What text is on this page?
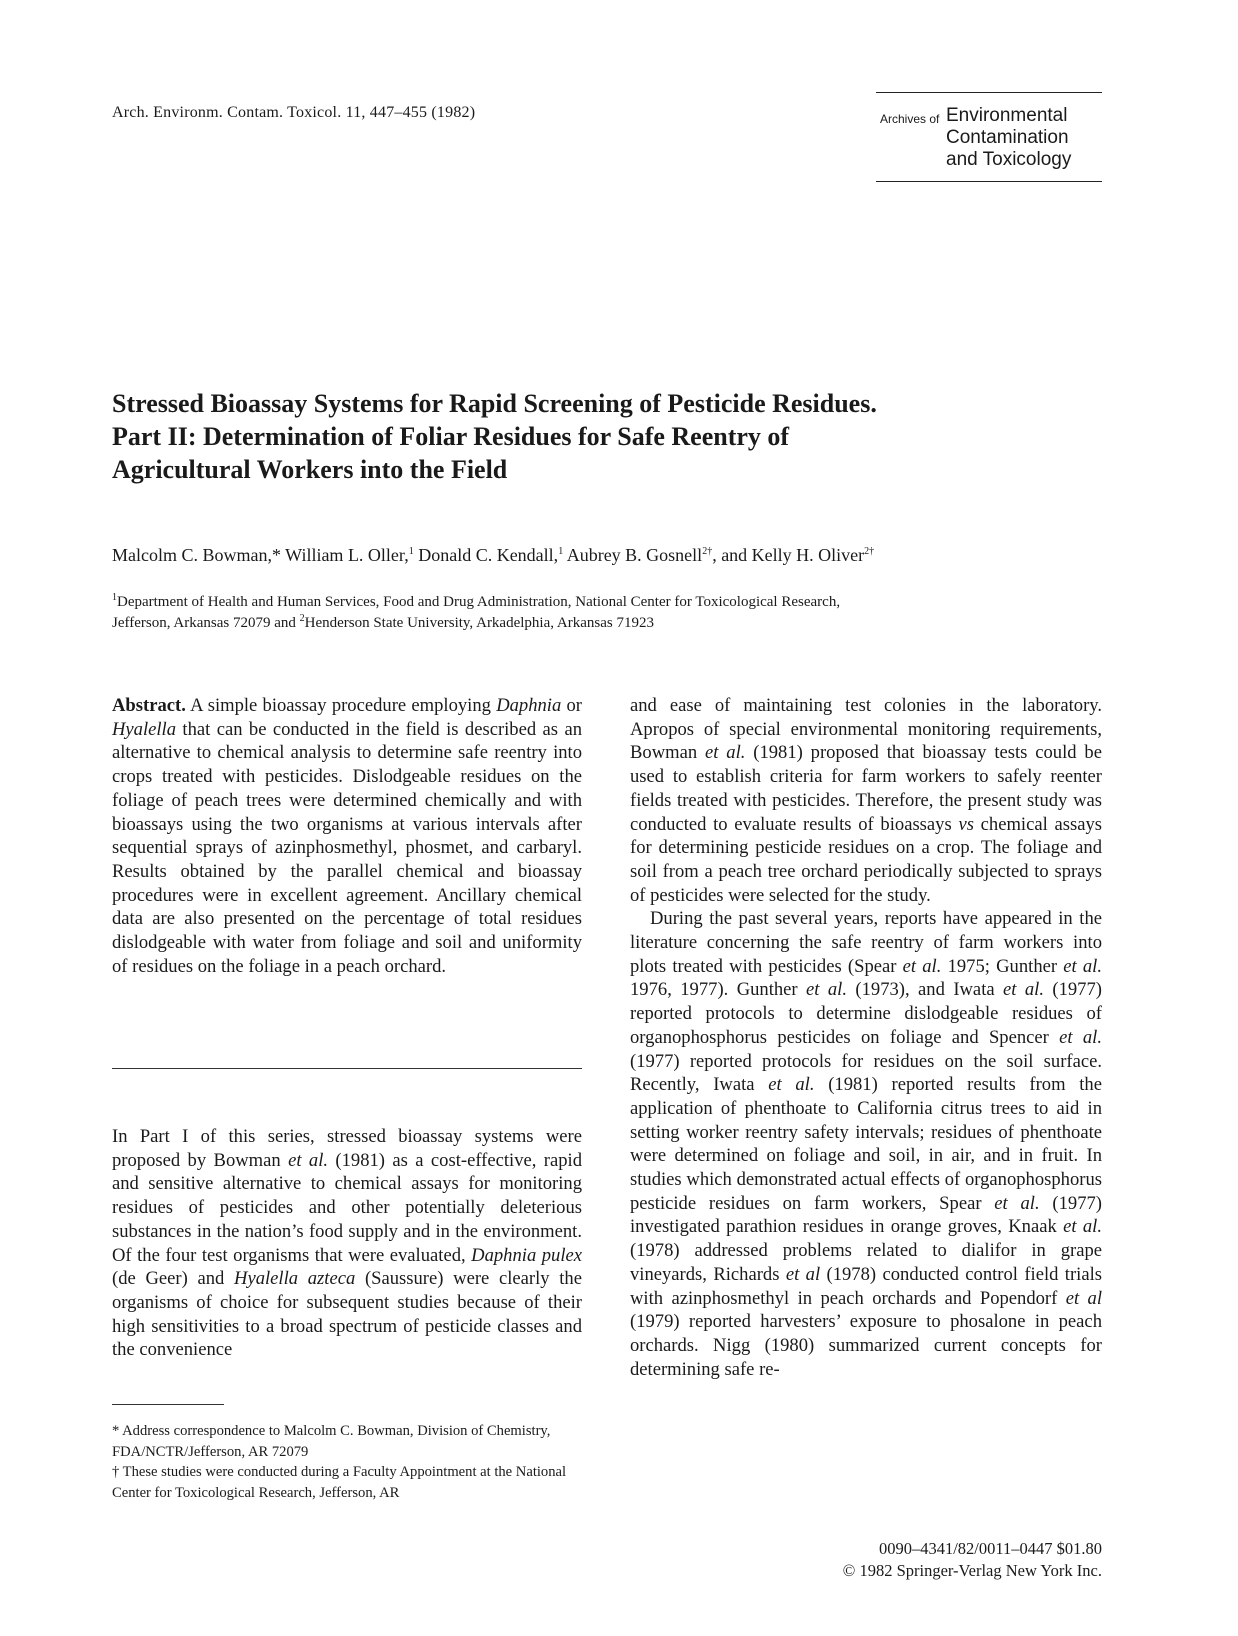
Arch. Environm. Contam. Toxicol. 11, 447–455 (1982)	Archives of Environmental
Contamination
and Toxicology
Stressed Bioassay Systems for Rapid Screening of Pesticide Residues.
Part II: Determination of Foliar Residues for Safe Reentry of
Agricultural Workers into the Field
Malcolm C. Bowman,* William L. Oller,$^1$ Donald C. Kendall,$^1$ Aubrey B. Gosnell$^{2\dagger}$, and Kelly H. Oliver$^{2\dagger}$
$^1$Department of Health and Human Services, Food and Drug Administration, National Center for Toxicological Research,
Jefferson, Arkansas 72079 and $^2$Henderson State University, Arkadelphia, Arkansas 71923

Abstract. A simple bioassay procedure employing Daphnia or Hyalella that can be conducted in the field is described as an alternative to chemical analysis to determine safe reentry into crops treated with pesticides. Dislodgeable residues on the foliage of peach trees were determined chemically and with bioassays using the two organisms at various intervals after sequential sprays of azinphosmethyl, phosmet, and carbaryl. Results obtained by the parallel chemical and bioassay procedures were in excellent agreement. Ancillary chemical data are also presented on the percentage of total residues dislodgeable with water from foliage and soil and uniformity of residues on the foliage in a peach orchard.

In Part I of this series, stressed bioassay systems were proposed by Bowman et al. (1981) as a cost-effective, rapid and sensitive alternative to chemical assays for monitoring residues of pesticides and other potentially deleterious substances in the nation’s food supply and in the environment. Of the four test organisms that were evaluated, Daphnia pulex (de Geer) and Hyalella azteca (Saussure) were clearly the organisms of choice for subsequent studies because of their high sensitivities to a broad spectrum of pesticide classes and the convenience

* Address correspondence to Malcolm C. Bowman, Division of Chemistry, FDA/NCTR/Jefferson, AR 72079

† These studies were conducted during a Faculty Appointment at the National Center for Toxicological Research, Jefferson, AR

and ease of maintaining test colonies in the laboratory. Apropos of special environmental monitoring requirements, Bowman et al. (1981) proposed that bioassay tests could be used to establish criteria for farm workers to safely reenter fields treated with pesticides. Therefore, the present study was conducted to evaluate results of bioassays vs chemical assays for determining pesticide residues on a crop. The foliage and soil from a peach tree orchard periodically subjected to sprays of pesticides were selected for the study.

During the past several years, reports have appeared in the literature concerning the safe reentry of farm workers into plots treated with pesticides (Spear et al. 1975; Gunther et al. 1976, 1977). Gunther et al. (1973), and Iwata et al. (1977) reported protocols to determine dislodgeable residues of organophosphorus pesticides on foliage and Spencer et al. (1977) reported protocols for residues on the soil surface. Recently, Iwata et al. (1981) reported results from the application of phenthoate to California citrus trees to aid in setting worker reentry safety intervals; residues of phenthoate were determined on foliage and soil, in air, and in fruit. In studies which demonstrated actual effects of organophosphorus pesticide residues on farm workers, Spear et al. (1977) investigated parathion residues in orange groves, Knaak et al. (1978) addressed problems related to dialifor in grape vineyards, Richards et al (1978) conducted control field trials with azinphosmethyl in peach orchards and Popendorf et al (1979) reported harvesters’ exposure to phosalone in peach orchards. Nigg (1980) summarized current concepts for determining safe re-

0090–4341/82/0011–0447 $01.80
© 1982 Springer-Verlag New York Inc.
